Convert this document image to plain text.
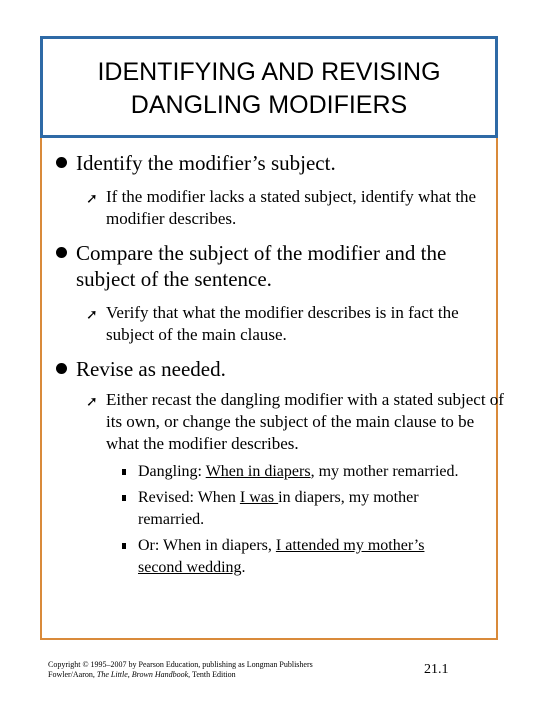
IDENTIFYING AND REVISING
DANGLING MODIFIERS
Identify the modifier’s subject.
➚ If the modifier lacks a stated subject, identify what the modifier describes.
Compare the subject of the modifier and the subject of the sentence.
➚ Verify that what the modifier describes is in fact the subject of the main clause.
Revise as needed.
➚ Either recast the dangling modifier with a stated subject of its own, or change the subject of the main clause to be what the modifier describes.
Dangling: When in diapers, my mother remarried.
Revised: When I was in diapers, my mother remarried.
Or: When in diapers, I attended my mother’s second wedding.
Copyright © 1995–2007 by Pearson Education, publishing as Longman Publishers
Fowler/Aaron, The Little, Brown Handbook, Tenth Edition	21.1
